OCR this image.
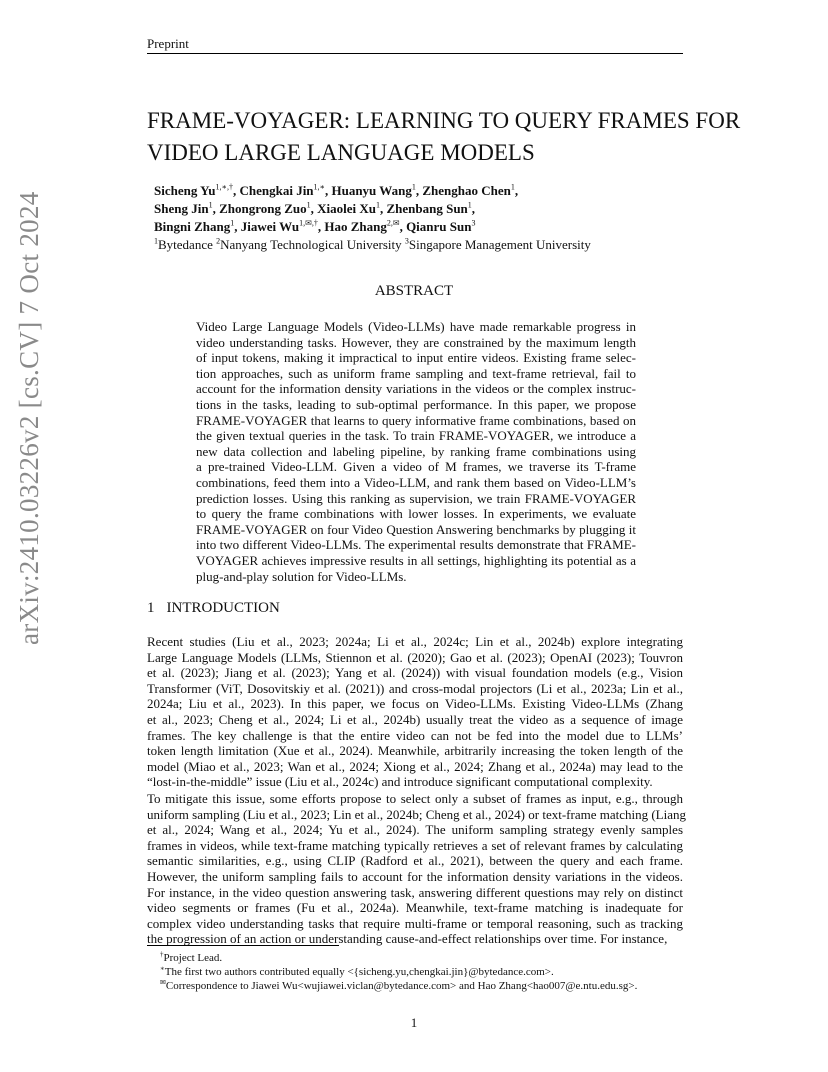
Preprint
arXiv:2410.03226v2 [cs.CV] 7 Oct 2024
FRAME-VOYAGER: LEARNING TO QUERY FRAMES FOR
VIDEO LARGE LANGUAGE MODELS
Sicheng $Yu^{1,∗,\dagger}$, Chengkai Jin$^{1,∗}$, Huanyu Wang$^1$, Zhenghao Chen$^1$,
Sheng Jin$^1$, Zhongrong Zuo$^1$, Xiaolei Xu$^1$, Zhenbang Sun$^1$,
Bingni Zhang$^1$, Jiawei $Wu^{1,✉,\dagger}$, Hao Zhang$^{2,✉}$, Qianru Sun$^3$
$^1$Bytedance $^2$Nanyang Technological University $^3$Singapore Management University
ABSTRACT
Video Large Language Models (Video-LLMs) have made remarkable progress in
video understanding tasks. However, they are constrained by the maximum length
of input tokens, making it impractical to input entire videos. Existing frame selec-
tion approaches, such as uniform frame sampling and text-frame retrieval, fail to
account for the information density variations in the videos or the complex instruc-
tions in the tasks, leading to sub-optimal performance. In this paper, we propose
FRAME-VOYAGER that learns to query informative frame combinations, based on
the given textual queries in the task. To train FRAME-VOYAGER, we introduce a
new data collection and labeling pipeline, by ranking frame combinations using
a pre-trained Video-LLM. Given a video of M frames, we traverse its T-frame
combinations, feed them into a Video-LLM, and rank them based on Video-LLM’s
prediction losses. Using this ranking as supervision, we train FRAME-VOYAGER
to query the frame combinations with lower losses. In experiments, we evaluate
FRAME-VOYAGER on four Video Question Answering benchmarks by plugging it
into two different Video-LLMs. The experimental results demonstrate that FRAME-
VOYAGER achieves impressive results in all settings, highlighting its potential as a
plug-and-play solution for Video-LLMs.
1 INTRODUCTION
Recent studies (Liu et al., 2023; 2024a; Li et al., 2024c; Lin et al., 2024b) explore integrating
Large Language Models (LLMs, Stiennon et al. (2020); Gao et al. (2023); OpenAI (2023); Touvron
et al. (2023); Jiang et al. (2023); Yang et al. (2024)) with visual foundation models (e.g., Vision
Transformer (ViT, Dosovitskiy et al. (2021)) and cross-modal projectors (Li et al., 2023a; Lin et al.,
2024a; Liu et al., 2023). In this paper, we focus on Video-LLMs. Existing Video-LLMs (Zhang
et al., 2023; Cheng et al., 2024; Li et al., 2024b) usually treat the video as a sequence of image
frames. The key challenge is that the entire video can not be fed into the model due to LLMs’
token length limitation (Xue et al., 2024). Meanwhile, arbitrarily increasing the token length of the
model (Miao et al., 2023; Wan et al., 2024; Xiong et al., 2024; Zhang et al., 2024a) may lead to the
“lost-in-the-middle” issue (Liu et al., 2024c) and introduce significant computational complexity.
To mitigate this issue, some efforts propose to select only a subset of frames as input, e.g., through
uniform sampling (Liu et al., 2023; Lin et al., 2024b; Cheng et al., 2024) or text-frame matching (Liang
et al., 2024; Wang et al., 2024; Yu et al., 2024). The uniform sampling strategy evenly samples
frames in videos, while text-frame matching typically retrieves a set of relevant frames by calculating
semantic similarities, e.g., using CLIP (Radford et al., 2021), between the query and each frame.
However, the uniform sampling fails to account for the information density variations in the videos.
For instance, in the video question answering task, answering different questions may rely on distinct
video segments or frames (Fu et al., 2024a). Meanwhile, text-frame matching is inadequate for
complex video understanding tasks that require multi-frame or temporal reasoning, such as tracking
the progression of an action or understanding cause-and-effect relationships over time. For instance,
†Project Lead.
∗The first two authors contributed equally <{sicheng.yu,chengkai.jin}@bytedance.com>.
✉Correspondence to Jiawei Wu<wujiawei.viclan@bytedance.com> and Hao Zhang<hao007@e.ntu.edu.sg>.
1
